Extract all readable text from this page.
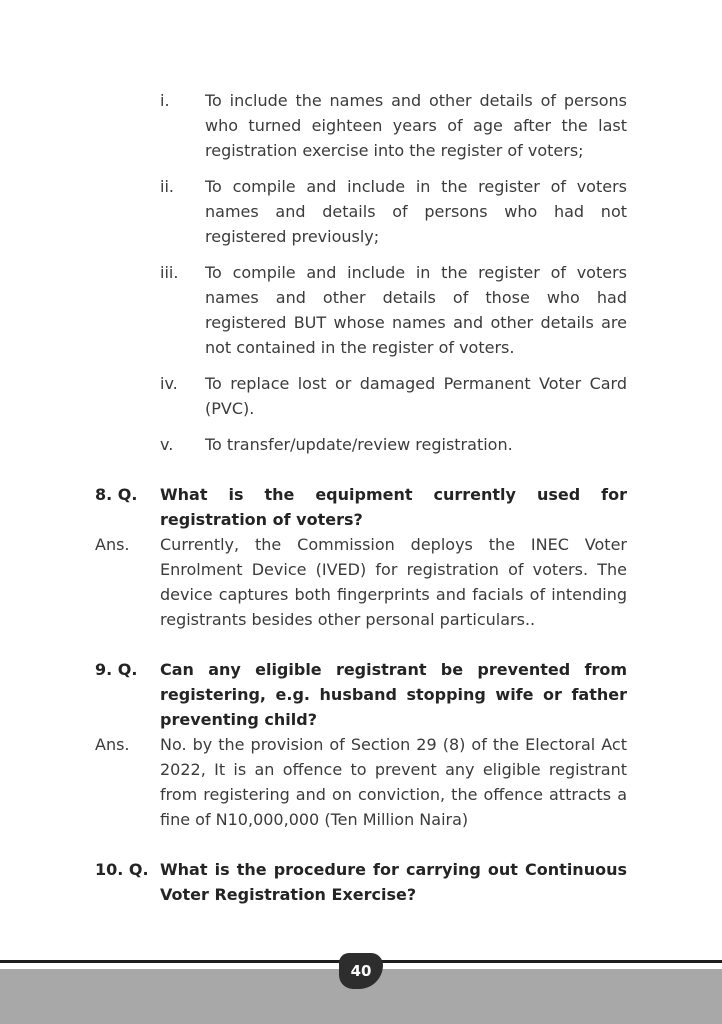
i.	To include the names and other details of persons who turned eighteen years of age after the last registration exercise into the register of voters;
ii.	To compile and include in the register of voters names and details of persons who had not registered previously;
iii.	To compile and include in the register of voters names and other details of those who had registered BUT whose names and other details are not contained in the register of voters.
iv.	To replace lost or damaged Permanent Voter Card (PVC).
v.	To transfer/update/review registration.
8. Q.	What is the equipment currently used for registration of voters?
Ans.	Currently, the Commission deploys the INEC Voter Enrolment Device (IVED) for registration of voters. The device captures both fingerprints and facials of intending registrants besides other personal particulars..
9. Q.	Can any eligible registrant be prevented from registering, e.g. husband stopping wife or father preventing child?
Ans.	No. by the provision of Section 29 (8) of the Electoral Act 2022, It is an offence to prevent any eligible registrant from registering and on conviction, the offence attracts a fine of N10,000,000 (Ten Million Naira)
10. Q. What is the procedure for carrying out Continuous Voter Registration Exercise?
40
